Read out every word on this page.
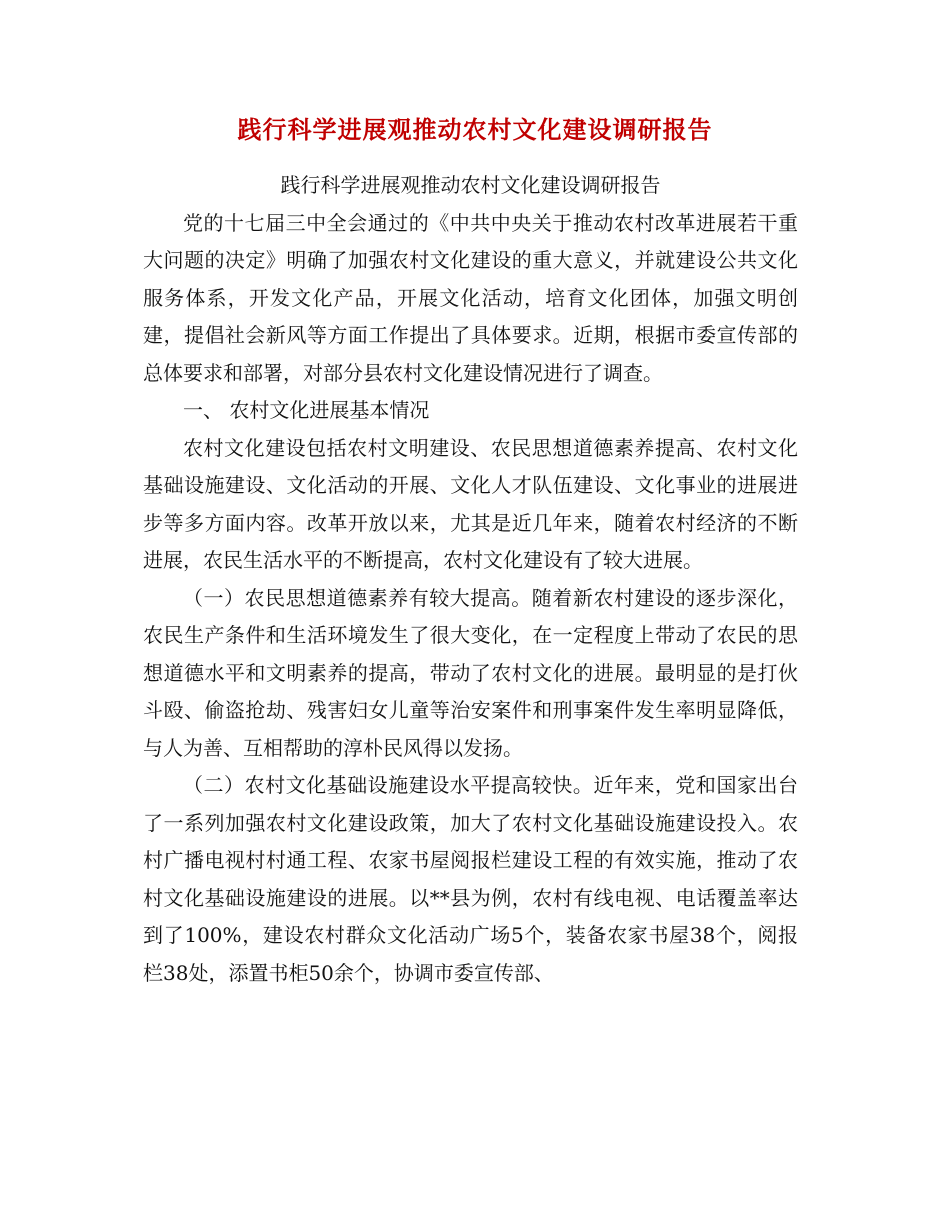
践行科学进展观推动农村文化建设调研报告

践行科学进展观推动农村文化建设调研报告

党的十七届三中全会通过的《中共中央关于推动农村改革进展若干重大问题的决定》明确了加强农村文化建设的重大意义，并就建设公共文化服务体系，开发文化产品，开展文化活动，培育文化团体，加强文明创建，提倡社会新风等方面工作提出了具体要求。近期，根据市委宣传部的总体要求和部署，对部分县农村文化建设情况进行了调查。

一、 农村文化进展基本情况

农村文化建设包括农村文明建设、农民思想道德素养提高、农村文化基础设施建设、文化活动的开展、文化人才队伍建设、文化事业的进展进步等多方面内容。改革开放以来，尤其是近几年来，随着农村经济的不断进展，农民生活水平的不断提高，农村文化建设有了较大进展。

（一）农民思想道德素养有较大提高。随着新农村建设的逐步深化，农民生产条件和生活环境发生了很大变化，在一定程度上带动了农民的思想道德水平和文明素养的提高，带动了农村文化的进展。最明显的是打伙斗殴、偷盗抢劫、残害妇女儿童等治安案件和刑事案件发生率明显降低，与人为善、互相帮助的淳朴民风得以发扬。

（二）农村文化基础设施建设水平提高较快。近年来，党和国家出台了一系列加强农村文化建设政策，加大了农村文化基础设施建设投入。农村广播电视村村通工程、农家书屋阅报栏建设工程的有效实施，推动了农村文化基础设施建设的进展。以**县为例，农村有线电视、电话覆盖率达到了100%，建设农村群众文化活动广场5个，装备农家书屋38个，阅报栏38处，添置书柜50余个，协调市委宣传部、
